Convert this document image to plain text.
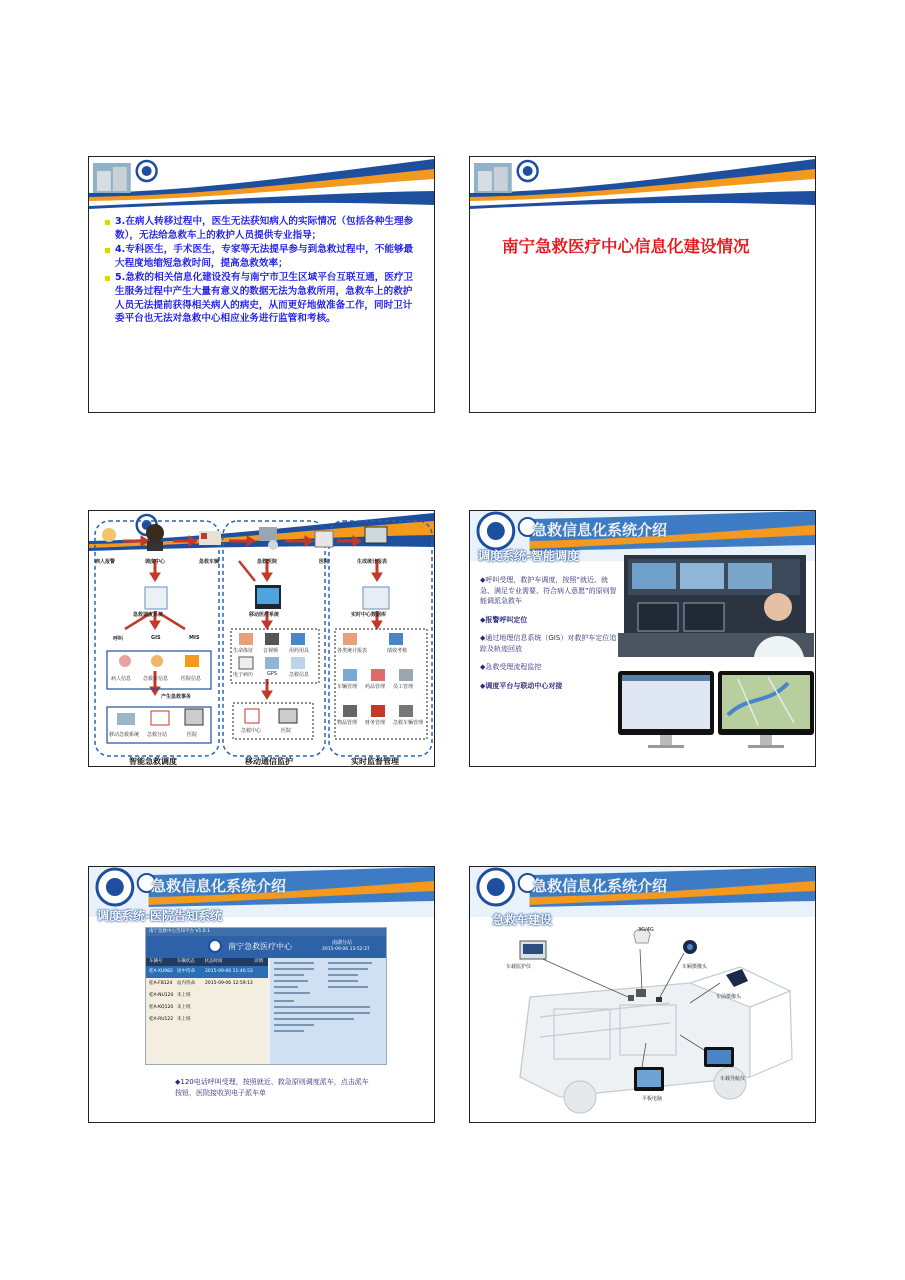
3.在病人转移过程中，医生无法获知病人的实际情况（包括各种生理参数），无法给急救车上的救护人员提供专业指导；
4.专科医生，手术医生，专家等无法提早参与到急救过程中，不能够最大程度地缩短急救时间，提高急救效率；
5.急救的相关信息化建设没有与南宁市卫生区域平台互联互通，医疗卫生服务过程中产生大量有意义的数据无法为急救所用，急救车上的救护人员无法提前获得相关病人的病史，从而更好地做准备工作，同时卫计委平台也无法对急救中心相应业务进行监管和考核。
南宁急救医疗中心信息化建设情况
病人报警	调度中心	急救车辆	急救医院	医院	生成统计报表
急救调度系统	移动医疗系统	实时中心数据库
呼叫	GIS	MIS
病人信息 急救车信息	医院信息
产生急救事务
移动急救系统 急救分站	医院
生命体征 音视频 用药用具
电子病历	GPS 急救信息
急救中心	医院
各类统计报表	绩效考核
车辆管理 药品管理 员工管理
物品管理 财务管理 急救车辆管理
智能急救调度	移动通信监护	实时监督管理
急救信息化系统介绍
调度系统-智能调度
◆呼叫受理，救护车调度，按照“就近、就急、满足专业需要、符合病人意愿”的原则智能调派急救车
◆报警呼叫定位
◆通过地理信息系统（GIS）对救护车定位追踪及轨迹回放
◆急救受理流程监控
◆调度平台与联动中心对接
急救信息化系统介绍
调度系统-医院告知系统
南宁急救中心告知平台 V1.0.1
南宁急救医疗中心	南湖分站
2015-09-06 13:52:27
车辆号	车辆状态	状态时间	详情
桂A-XU982 途中待命	2015-09-06 11:46:53
桂A-FB124	站内待命	2015-09-06 12:59:13
桂A-NU120 未上班
桂A-KQ120 未上班
桂A-RU122 未上班
◆120电话呼叫受理，按照就近、救急原则调度派车，点击派车按钮，医院接收到电子派车单
急救信息化系统介绍
急救车建设
3G/4G
车载监护仪	车厢摄像头
车前摄像头
车载导航仪
平板电脑
